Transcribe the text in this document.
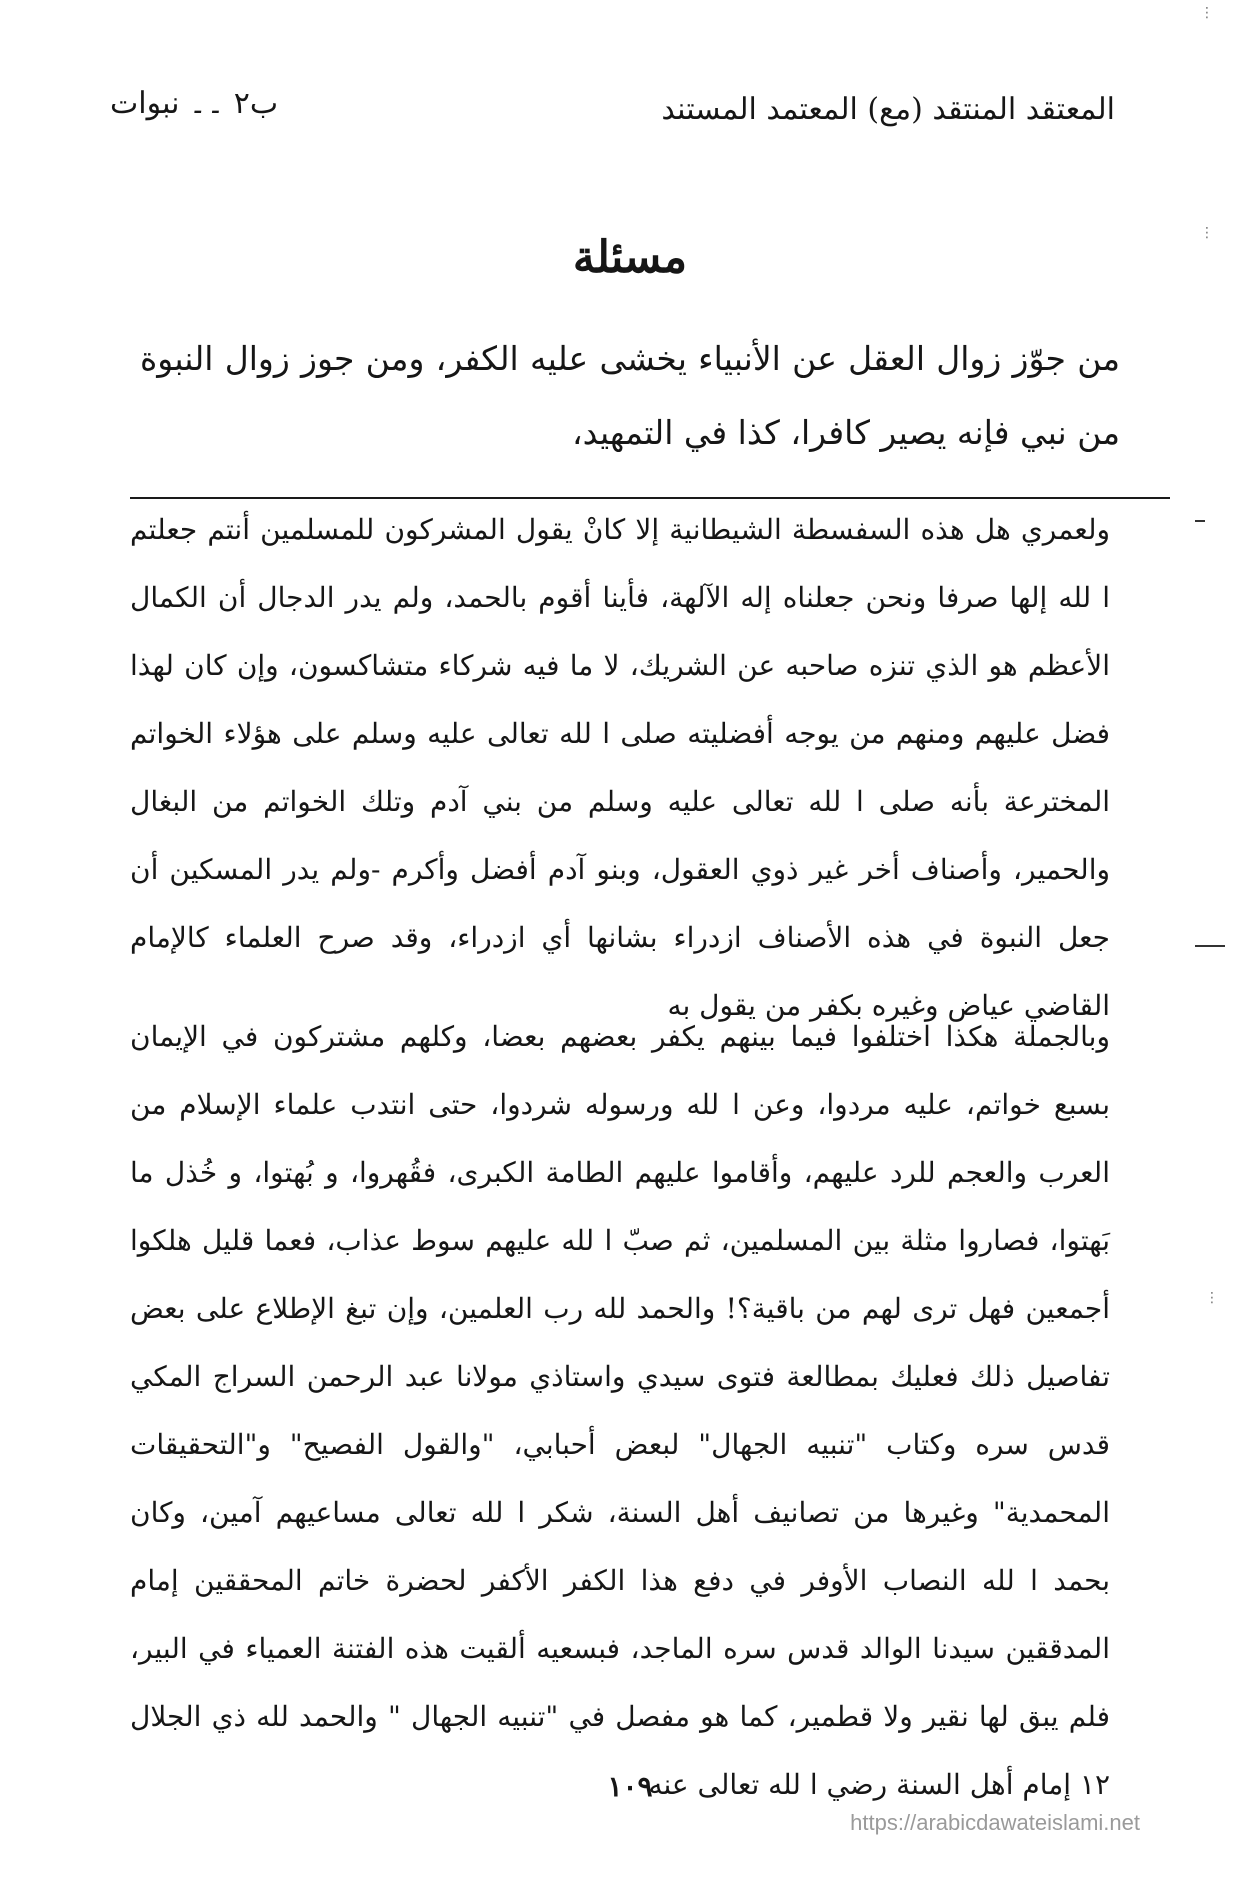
المعتقد المنتقد (مع) المعتمد المستند
ب٢ ۔۔ نبوات
مسئلة
من جوّز زوال العقل عن الأنبياء يخشى عليه الكفر، ومن جوز زوال النبوة من نبي فإنه يصير كافرا، كذا في التمهيد،
ولعمري هل هذه السفسطة الشيطانية إلا كانْ يقول المشركون للمسلمين أنتم جعلتم ا لله إلها صرفا ونحن جعلناه إله الآلهة، فأينا أقوم بالحمد، ولم يدر الدجال أن الكمال الأعظم هو الذي تنزه صاحبه عن الشريك، لا ما فيه شركاء متشاكسون، وإن كان لهذا فضل عليهم ومنهم من يوجه أفضليته صلى ا لله تعالى عليه وسلم على هؤلاء الخواتم المخترعة بأنه صلى ا لله تعالى عليه وسلم من بني آدم وتلك الخواتم من البغال والحمير، وأصناف أخر غير ذوي العقول، وبنو آدم أفضل وأكرم -ولم يدر المسكين أن جعل النبوة في هذه الأصناف ازدراء بشانها أي ازدراء، وقد صرح العلماء كالإمام القاضي عياض وغيره بكفر من يقول به
وبالجملة هكذا اختلفوا فيما بينهم يكفر بعضهم بعضا، وكلهم مشتركون في الإيمان بسبع خواتم، عليه مردوا، وعن ا لله ورسوله شردوا، حتى انتدب علماء الإسلام من العرب والعجم للرد عليهم، وأقاموا عليهم الطامة الكبرى، فقُهروا، و بُهتوا، و خُذل ما بَهتوا، فصاروا مثلة بين المسلمين، ثم صبّ ا لله عليهم سوط عذاب، فعما قليل هلكوا أجمعين فهل ترى لهم من باقية؟! والحمد لله رب العلمين، وإن تبغ الإطلاع على بعض تفاصيل ذلك فعليك بمطالعة فتوى سيدي واستاذي مولانا عبد الرحمن السراج المكي قدس سره وكتاب "تنبيه الجهال" لبعض أحبابي، "والقول الفصيح" و"التحقيقات المحمدية" وغيرها من تصانيف أهل السنة، شكر ا لله تعالى مساعيهم آمين، وكان بحمد ا لله النصاب الأوفر في دفع هذا الكفر الأكفر لحضرة خاتم المحققين إمام المدققين سيدنا الوالد قدس سره الماجد، فبسعيه ألقيت هذه الفتنة العمياء في البير، فلم يبق لها نقير ولا قطمير، كما هو مفصل في "تنبيه الجهال " والحمد لله ذي الجلال ١٢ إمام أهل السنة رضي ا لله تعالى عنه
١٠٩
https://arabicdawateislami.net
⋮
⋮
⋮
